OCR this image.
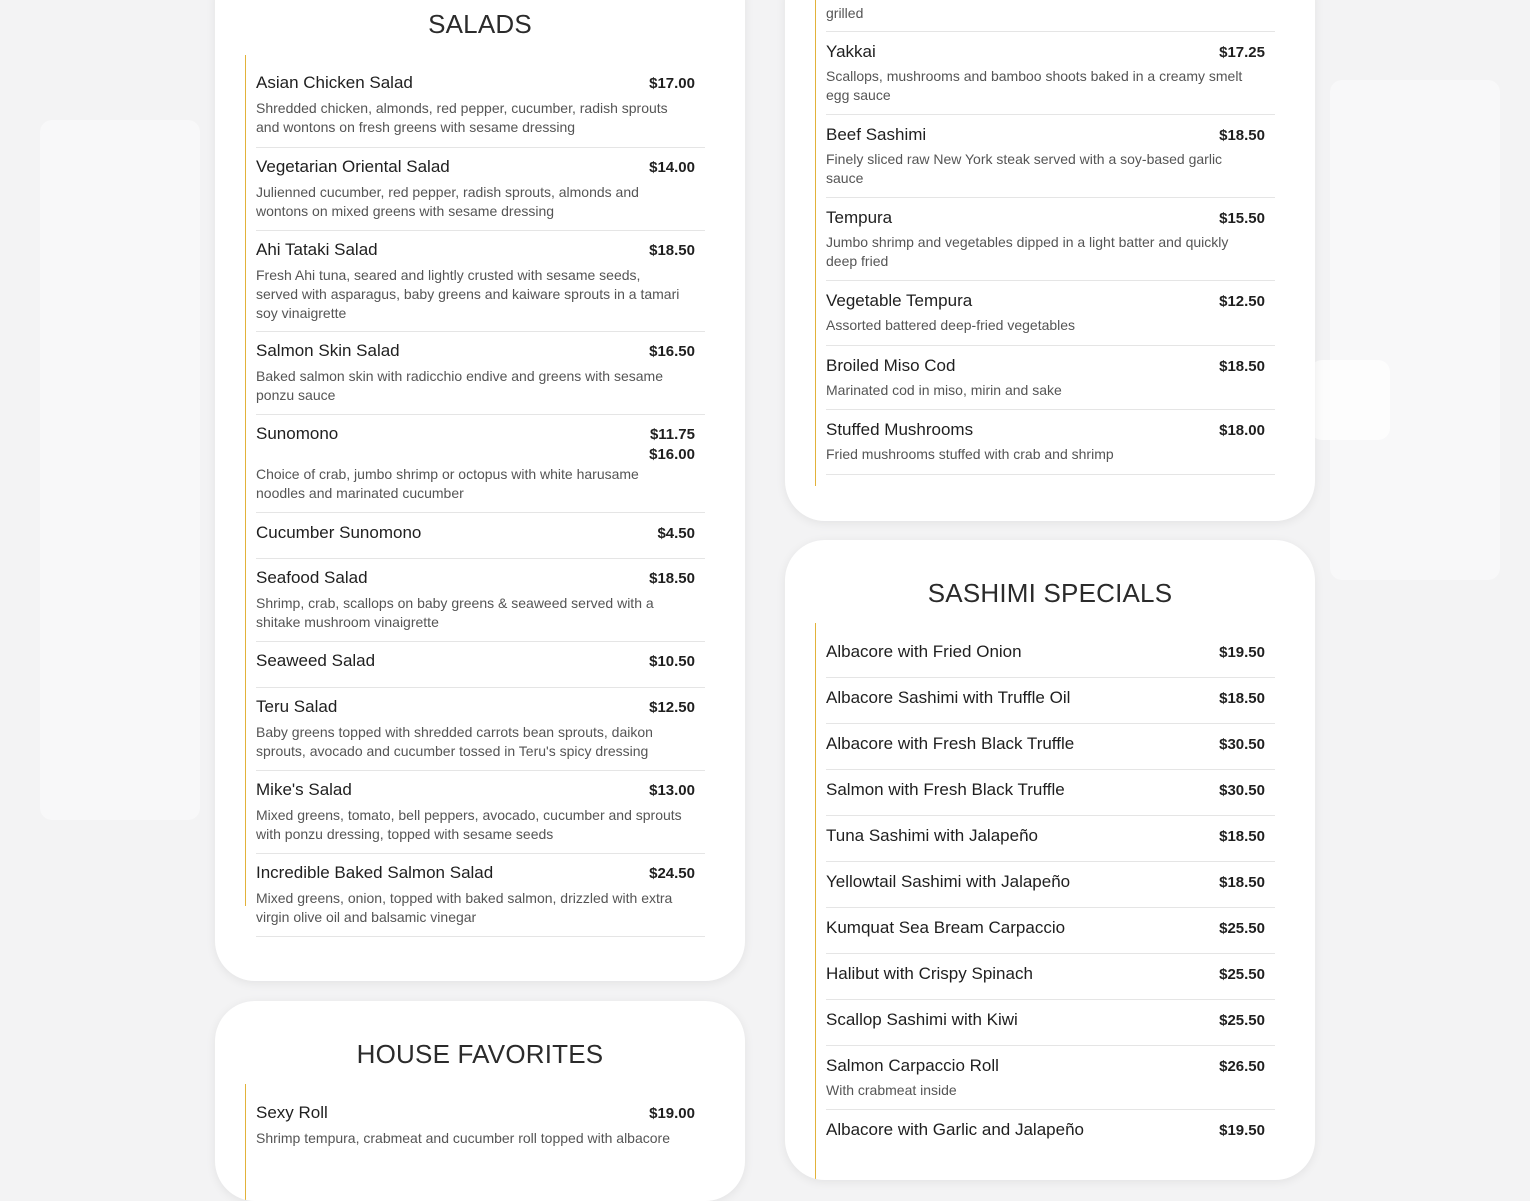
SALADS
Asian Chicken Salad	$17.00
Shredded chicken, almonds, red pepper, cucumber, radish sprouts and wontons on fresh greens with sesame dressing
Vegetarian Oriental Salad	$14.00
Julienned cucumber, red pepper, radish sprouts, almonds and wontons on mixed greens with sesame dressing
Ahi Tataki Salad	$18.50
Fresh Ahi tuna, seared and lightly crusted with sesame seeds, served with asparagus, baby greens and kaiware sprouts in a tamari soy vinaigrette
Salmon Skin Salad	$16.50
Baked salmon skin with radicchio endive and greens with sesame ponzu sauce
Sunomono	$11.75
$16.00
Choice of crab, jumbo shrimp or octopus with white harusame noodles and marinated cucumber
Cucumber Sunomono	$4.50
Seafood Salad	$18.50
Shrimp, crab, scallops on baby greens & seaweed served with a shitake mushroom vinaigrette
Seaweed Salad	$10.50
Teru Salad	$12.50
Baby greens topped with shredded carrots bean sprouts, daikon sprouts, avocado and cucumber tossed in Teru's spicy dressing
Mike's Salad	$13.00
Mixed greens, tomato, bell peppers, avocado, cucumber and sprouts with ponzu dressing, topped with sesame seeds
Incredible Baked Salmon Salad	$24.50
Mixed greens, onion, topped with baked salmon, drizzled with extra virgin olive oil and balsamic vinegar
HOUSE FAVORITES
Sexy Roll	$19.00
Shrimp tempura, crabmeat and cucumber roll topped with albacore
grilled
Yakkai	$17.25
Scallops, mushrooms and bamboo shoots baked in a creamy smelt egg sauce
Beef Sashimi	$18.50
Finely sliced raw New York steak served with a soy-based garlic sauce
Tempura	$15.50
Jumbo shrimp and vegetables dipped in a light batter and quickly deep fried
Vegetable Tempura	$12.50
Assorted battered deep-fried vegetables
Broiled Miso Cod	$18.50
Marinated cod in miso, mirin and sake
Stuffed Mushrooms	$18.00
Fried mushrooms stuffed with crab and shrimp
SASHIMI SPECIALS
Albacore with Fried Onion	$19.50
Albacore Sashimi with Truffle Oil	$18.50
Albacore with Fresh Black Truffle	$30.50
Salmon with Fresh Black Truffle	$30.50
Tuna Sashimi with Jalapeño	$18.50
Yellowtail Sashimi with Jalapeño	$18.50
Kumquat Sea Bream Carpaccio	$25.50
Halibut with Crispy Spinach	$25.50
Scallop Sashimi with Kiwi	$25.50
Salmon Carpaccio Roll	$26.50
With crabmeat inside
Albacore with Garlic and Jalapeño	$19.50
